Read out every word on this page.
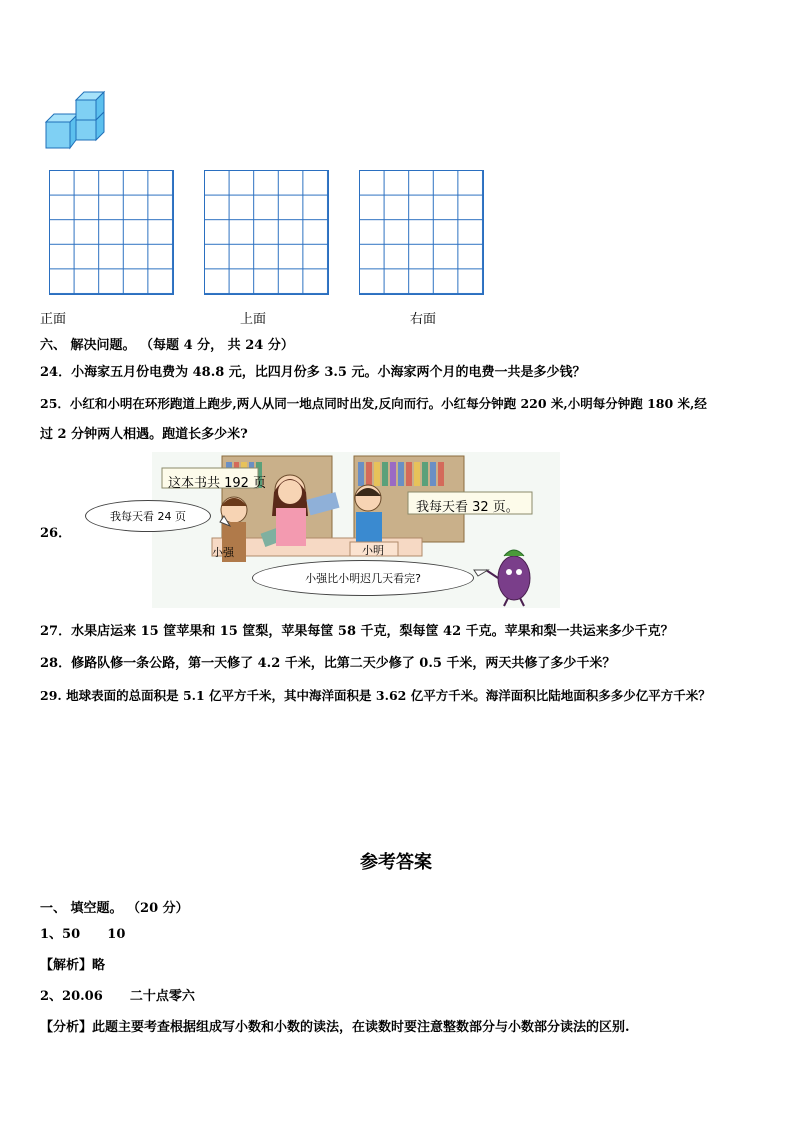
正面	上面	右面
六、 解决问题。 （每题 4 分， 共 24 分）
24．小海家五月份电费为 48.8 元，比四月份多 3.5 元。小海家两个月的电费一共是多少钱？
25．小红和小明在环形跑道上跑步,两人从同一地点同时出发,反向而行。小红每分钟跑 220 米,小明每分钟跑 180 米,经
过 2 分钟两人相遇。跑道长多少米?
26．
这本书共 192 页
我每天看 32 页。
我每天看 24 页
小强比小明迟几天看完?
小强	小明
27．水果店运来 15 筐苹果和 15 筐梨，苹果每筐 58 千克，梨每筐 42 千克。苹果和梨一共运来多少千克？
28．修路队修一条公路，第一天修了 4.2 千米，比第二天少修了 0.5 千米，两天共修了多少千米？
29. 地球表面的总面积是 5.1 亿平方千米，其中海洋面积是 3.62 亿平方千米。海洋面积比陆地面积多多少亿平方千米？
参考答案
一、 填空题。 （20 分）
1、50      10
【解析】略
2、20.06      二十点零六
【分析】此题主要考查根据组成写小数和小数的读法，在读数时要注意整数部分与小数部分读法的区别.
